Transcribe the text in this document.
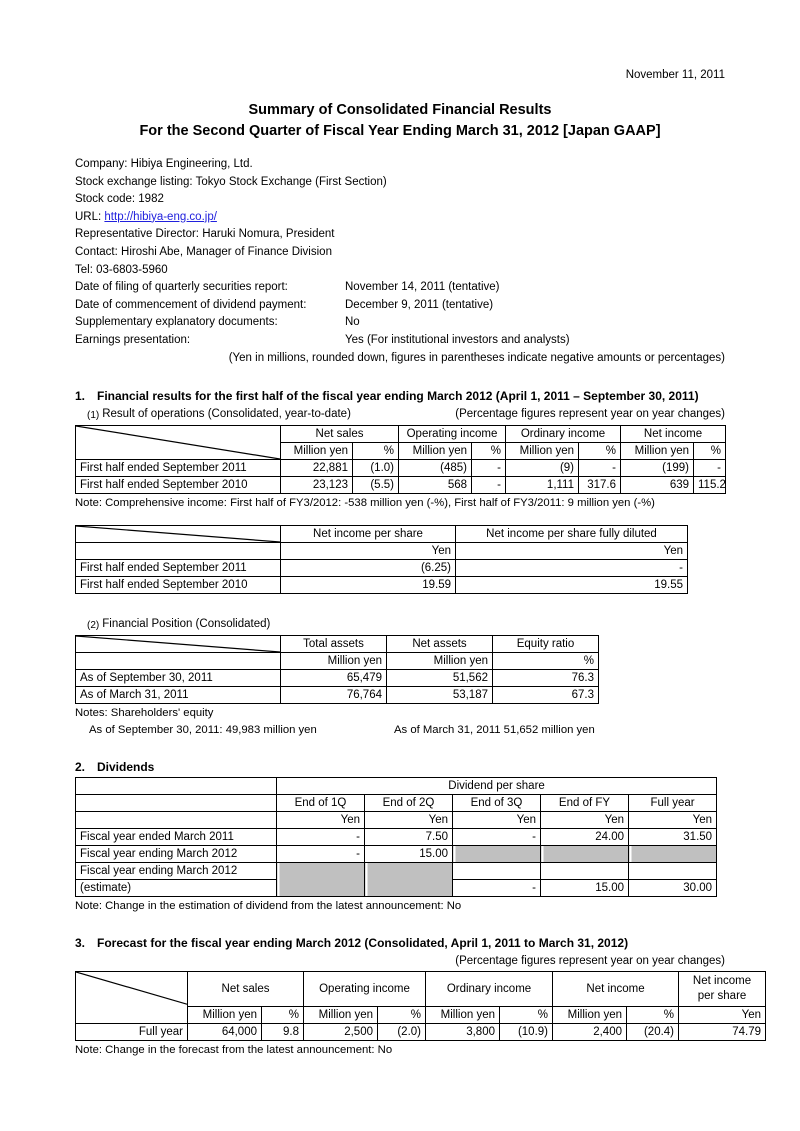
November 11, 2011
Summary of Consolidated Financial Results
For the Second Quarter of Fiscal Year Ending March 31, 2012 [Japan GAAP]
Company: Hibiya Engineering, Ltd.
Stock exchange listing: Tokyo Stock Exchange (First Section)
Stock code: 1982
URL: http://hibiya-eng.co.jp/
Representative Director: Haruki Nomura, President
Contact: Hiroshi Abe, Manager of Finance Division
Tel: 03-6803-5960
Date of filing of quarterly securities report:	November 14, 2011 (tentative)
Date of commencement of dividend payment:	December 9, 2011 (tentative)
Supplementary explanatory documents:	No
Earnings presentation:	Yes (For institutional investors and analysts)
(Yen in millions, rounded down, figures in parentheses indicate negative amounts or percentages)
1. Financial results for the first half of the fiscal year ending March 2012 (April 1, 2011 – September 30, 2011)
(1) Result of operations (Consolidated, year-to-date)	(Percentage figures represent year on year changes)
	Net sales		Operating income		Ordinary income		Net income	
	Million yen	%	Million yen	%	Million yen	%	Million yen	%
First half ended September 2011	22,881	(1.0)	(485)	-	(9)	-	(199)	-
First half ended September 2010	23,123	(5.5)	568	-	1,111	317.6	639	115.2
Note: Comprehensive income: First half of FY3/2012: -538 million yen (-%), First half of FY3/2011: 9 million yen (-%)
	Net income per share	Net income per share fully diluted
	Yen	Yen
First half ended September 2011	(6.25)	-
First half ended September 2010	19.59	19.55
(2) Financial Position (Consolidated)
	Total assets	Net assets	Equity ratio
	Million yen	Million yen	%
As of September 30, 2011	65,479	51,562	76.3
As of March 31, 2011	76,764	53,187	67.3
Notes: Shareholders' equity
As of September 30, 2011: 49,983 million yen	As of March 31, 2011 51,652 million yen
2. Dividends
	Dividend per share				
	End of 1Q	End of 2Q	End of 3Q	End of FY	Full year
	Yen	Yen	Yen	Yen	Yen
Fiscal year ended March 2011	-	7.50	-	24.00	31.50
Fiscal year ending March 2012	-	15.00			
Fiscal year ending March 2012					
(estimate)			-	15.00	30.00
Note: Change in the estimation of dividend from the latest announcement: No
3. Forecast for the fiscal year ending March 2012 (Consolidated, April 1, 2011 to March 31, 2012)
(Percentage figures represent year on year changes)
	Net sales		Operating income		Ordinary income		Net income		Net income
per share

	Million yen	%	Million yen	%	Million yen	%	Million yen	%	Yen
Full year	64,000	9.8	2,500	(2.0)	3,800	(10.9)	2,400	(20.4)	74.79
Note: Change in the forecast from the latest announcement: No
